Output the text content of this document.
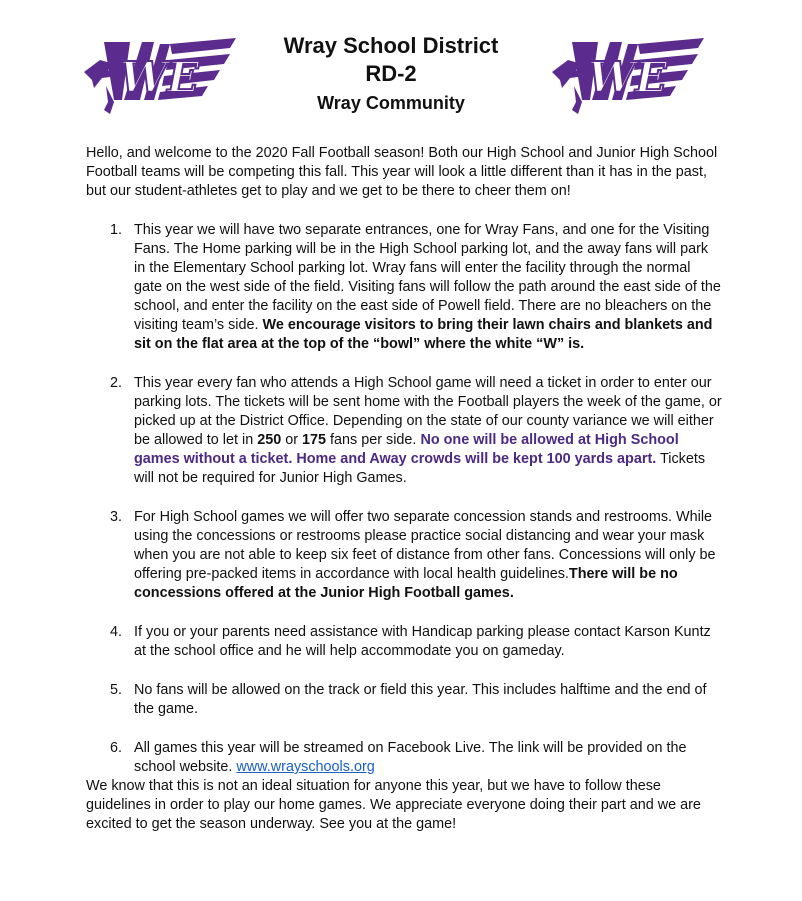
WE	WE
Wray School District
RD-2
Wray Community

Hello, and welcome to the 2020 Fall Football season! Both our High School and Junior High School Football teams will be competing this fall. This year will look a little different than it has in the past, but our student-athletes get to play and we get to be there to cheer them on!

1. This year we will have two separate entrances, one for Wray Fans, and one for the Visiting Fans. The Home parking will be in the High School parking lot, and the away fans will park in the Elementary School parking lot. Wray fans will enter the facility through the normal gate on the west side of the field. Visiting fans will follow the path around the east side of the school, and enter the facility on the east side of Powell field. There are no bleachers on the visiting team’s side. We encourage visitors to bring their lawn chairs and blankets and sit on the flat area at the top of the “bowl” where the white “W” is.
2. This year every fan who attends a High School game will need a ticket in order to enter our parking lots. The tickets will be sent home with the Football players the week of the game, or picked up at the District Office. Depending on the state of our county variance we will either be allowed to let in 250 or 175 fans per side. No one will be allowed at High School games without a ticket. Home and Away crowds will be kept 100 yards apart. Tickets will not be required for Junior High Games.
3. For High School games we will offer two separate concession stands and restrooms. While using the concessions or restrooms please practice social distancing and wear your mask when you are not able to keep six feet of distance from other fans. Concessions will only be offering pre-packed items in accordance with local health guidelines.There will be no concessions offered at the Junior High Football games.
4. If you or your parents need assistance with Handicap parking please contact Karson Kuntz at the school office and he will help accommodate you on gameday.
5. No fans will be allowed on the track or field this year. This includes halftime and the end of the game.
6. All games this year will be streamed on Facebook Live. The link will be provided on the school website. www.wrayschools.org

We know that this is not an ideal situation for anyone this year, but we have to follow these guidelines in order to play our home games. We appreciate everyone doing their part and we are excited to get the season underway. See you at the game!
